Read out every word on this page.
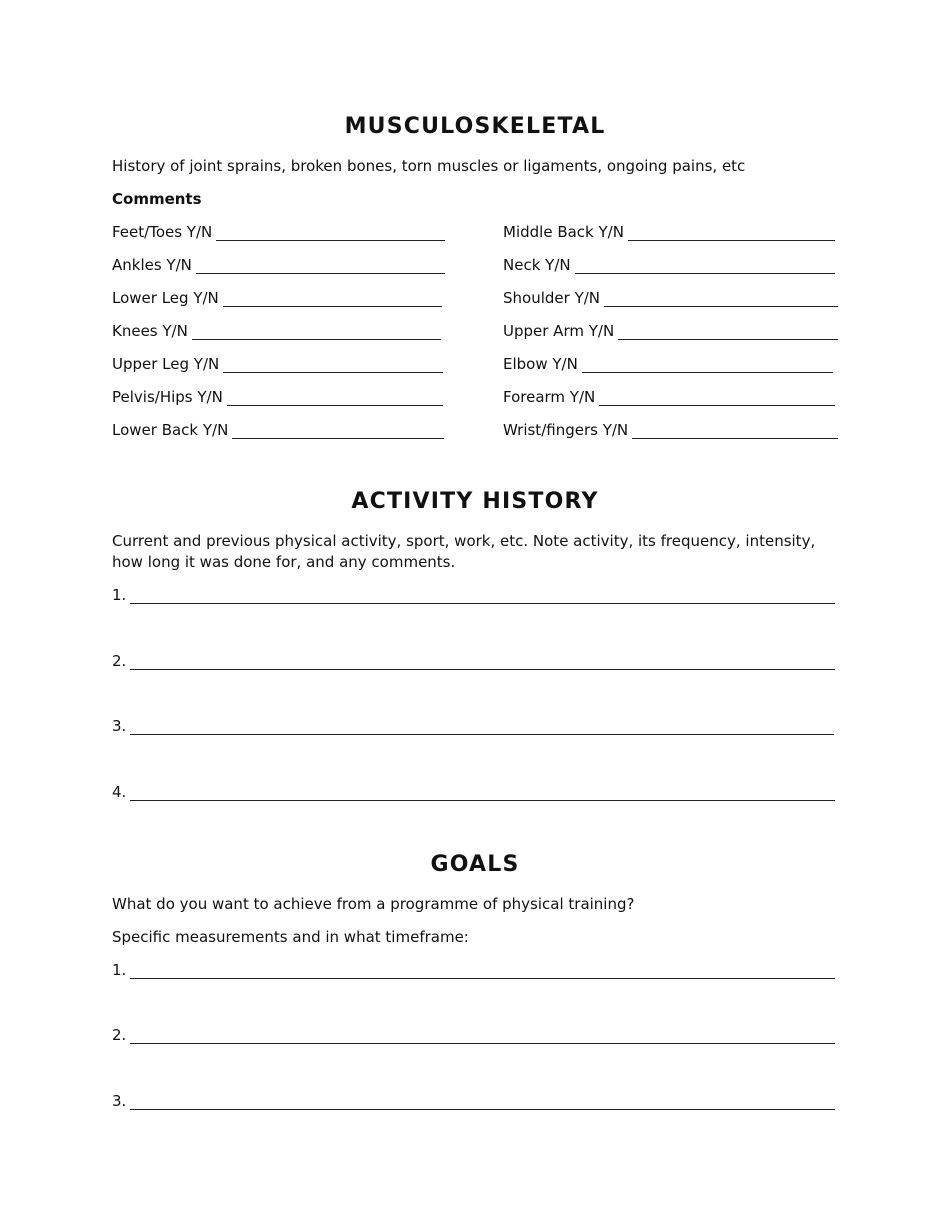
MUSCULOSKELETAL
History of joint sprains, broken bones, torn muscles or ligaments, ongoing pains, etc
Comments
Feet/Toes Y/N
Ankles Y/N
Lower Leg Y/N
Knees Y/N
Upper Leg Y/N
Pelvis/Hips Y/N
Lower Back Y/N
Middle Back Y/N
Neck Y/N
Shoulder Y/N
Upper Arm Y/N
Elbow Y/N
Forearm Y/N
Wrist/fingers Y/N
ACTIVITY HISTORY
Current and previous physical activity, sport, work, etc. Note activity, its frequency, intensity, how long it was done for, and any comments.
1.
2.
3.
4.
GOALS
What do you want to achieve from a programme of physical training?
Specific measurements and in what timeframe:
1.
2.
3.
